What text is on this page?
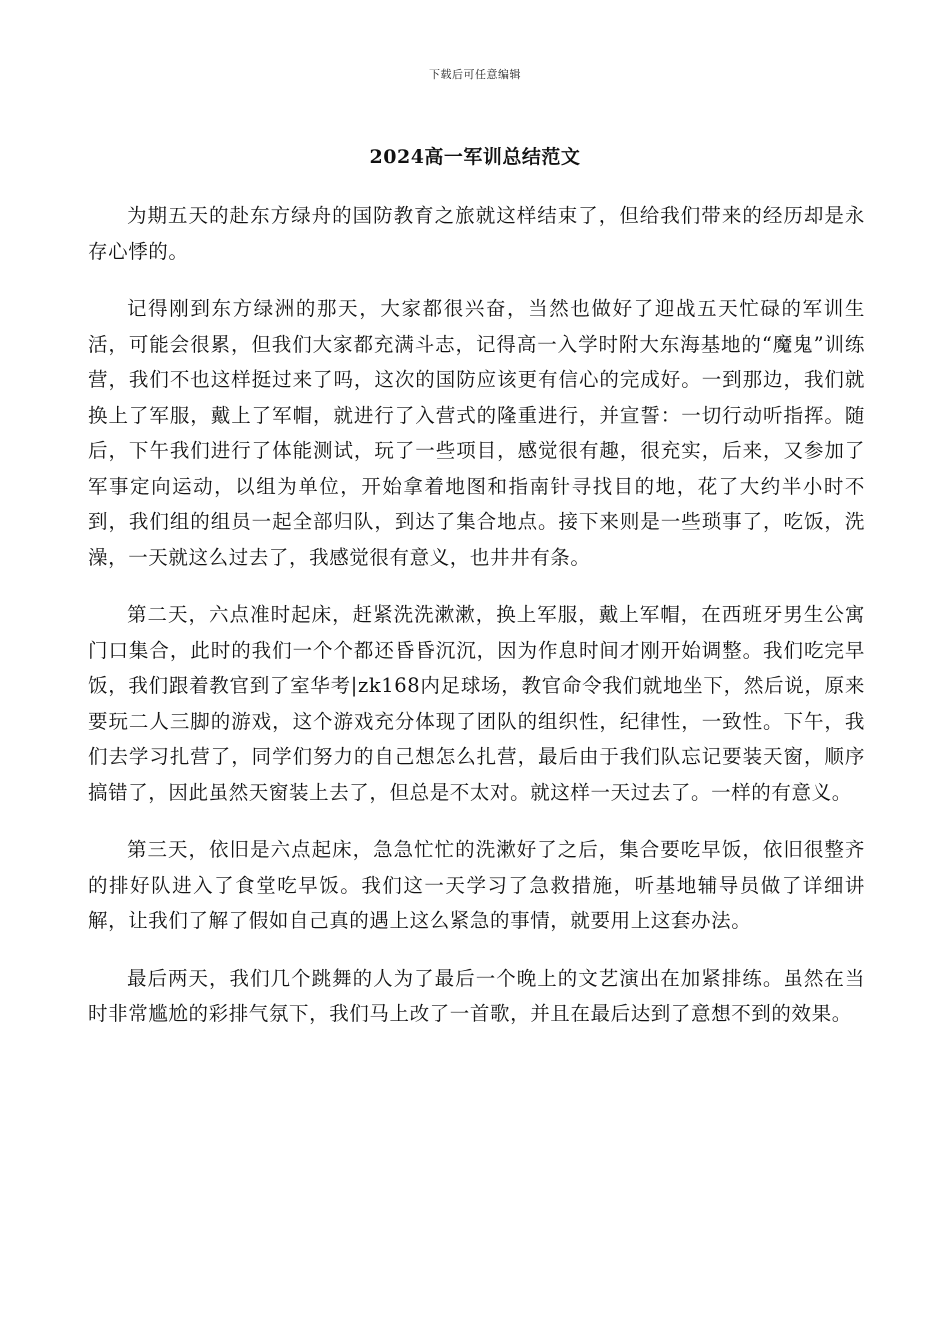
下载后可任意编辑
2024高一军训总结范文

为期五天的赴东方绿舟的国防教育之旅就这样结束了，但给我们带来的经历却是永存心悸的。

记得刚到东方绿洲的那天，大家都很兴奋，当然也做好了迎战五天忙碌的军训生活，可能会很累，但我们大家都充满斗志，记得高一入学时附大东海基地的“魔鬼”训练营，我们不也这样挺过来了吗，这次的国防应该更有信心的完成好。一到那边，我们就换上了军服，戴上了军帽，就进行了入营式的隆重进行，并宣誓：一切行动听指挥。随后，下午我们进行了体能测试，玩了一些项目，感觉很有趣，很充实，后来，又参加了军事定向运动，以组为单位，开始拿着地图和指南针寻找目的地，花了大约半小时不到，我们组的组员一起全部归队，到达了集合地点。接下来则是一些琐事了，吃饭，洗澡，一天就这么过去了，我感觉很有意义，也井井有条。

第二天，六点准时起床，赶紧洗洗漱漱，换上军服，戴上军帽，在西班牙男生公寓门口集合，此时的我们一个个都还昏昏沉沉，因为作息时间才刚开始调整。我们吃完早饭，我们跟着教官到了室华考|zk168内足球场，教官命令我们就地坐下，然后说，原来要玩二人三脚的游戏，这个游戏充分体现了团队的组织性，纪律性，一致性。下午，我们去学习扎营了，同学们努力的自己想怎么扎营，最后由于我们队忘记要装天窗，顺序搞错了，因此虽然天窗装上去了，但总是不太对。就这样一天过去了。一样的有意义。

第三天，依旧是六点起床，急急忙忙的洗漱好了之后，集合要吃早饭，依旧很整齐的排好队进入了食堂吃早饭。我们这一天学习了急救措施，听基地辅导员做了详细讲解，让我们了解了假如自己真的遇上这么紧急的事情，就要用上这套办法。

最后两天，我们几个跳舞的人为了最后一个晚上的文艺演出在加紧排练。虽然在当时非常尴尬的彩排气氛下，我们马上改了一首歌，并且在最后达到了意想不到的效果。
